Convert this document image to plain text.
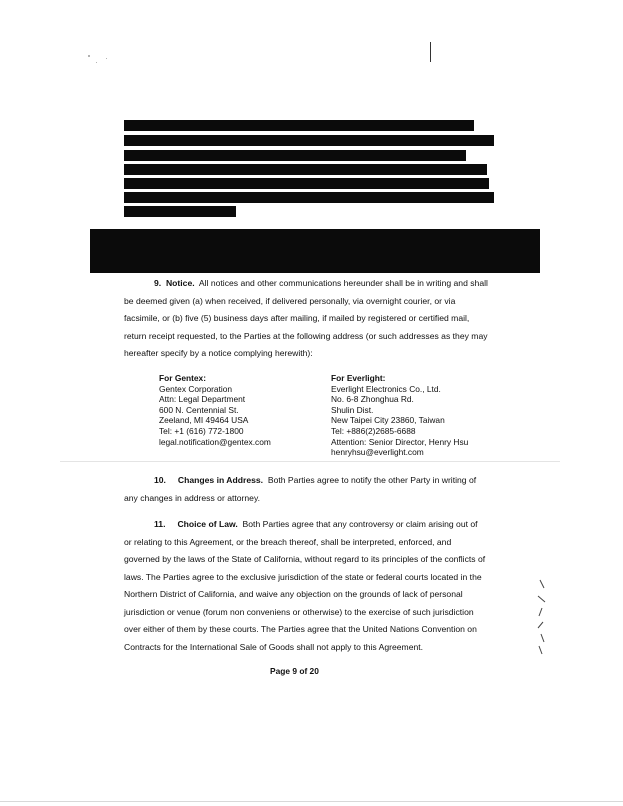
9. Notice. All notices and other communications hereunder shall be in writing and shall
be deemed given (a) when received, if delivered personally, via overnight courier, or via
facsimile, or (b) five (5) business days after mailing, if mailed by registered or certified mail,
return receipt requested, to the Parties at the following address (or such addresses as they may
hereafter specify by a notice complying herewith):
For Gentex:
Gentex Corporation
Attn: Legal Department
600 N. Centennial St.
Zeeland, MI 49464 USA
Tel: +1 (616) 772-1800
legal.notification@gentex.com
For Everlight:
Everlight Electronics Co., Ltd.
No. 6-8 Zhonghua Rd.
Shulin Dist.
New Taipei City 23860, Taiwan
Tel: +886(2)2685-6688
Attention: Senior Director, Henry Hsu
henryhsu@everlight.com
10. Changes in Address. Both Parties agree to notify the other Party in writing of
any changes in address or attorney.
11. Choice of Law. Both Parties agree that any controversy or claim arising out of
or relating to this Agreement, or the breach thereof, shall be interpreted, enforced, and
governed by the laws of the State of California, without regard to its principles of the conflicts of
laws. The Parties agree to the exclusive jurisdiction of the state or federal courts located in the
Northern District of California, and waive any objection on the grounds of lack of personal
jurisdiction or venue (forum non conveniens or otherwise) to the exercise of such jurisdiction
over either of them by these courts. The Parties agree that the United Nations Convention on
Contracts for the International Sale of Goods shall not apply to this Agreement.
Page 9 of 20
